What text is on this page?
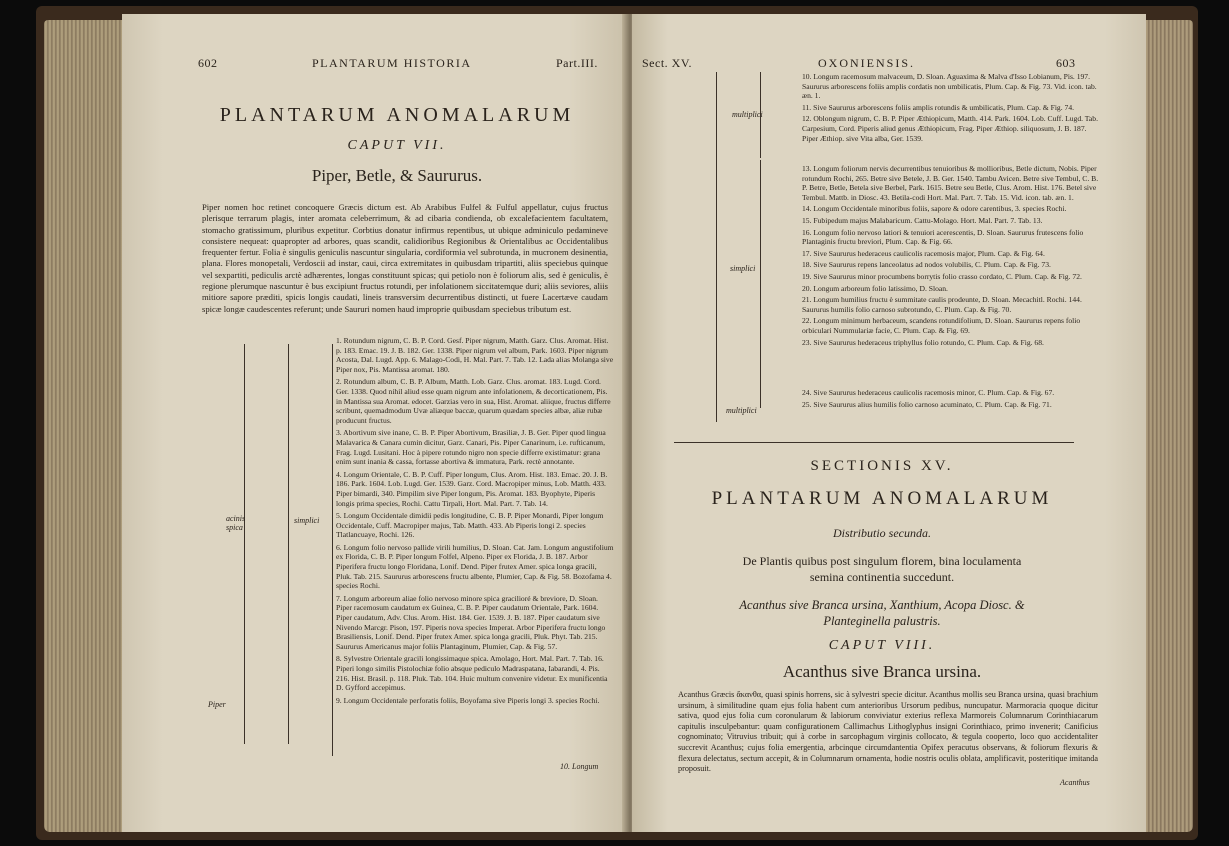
602	PLANTARUM HISTORIA	Part.III.
PLANTARUM ANOMALARUM
CAPUT VII.
Piper, Betle, & Saururus.
Piper nomen hoc retinet concoquere Græcis dictum est. Ab Arabibus Fulfel & Fulful appellatur, cujus fructus plerisque terrarum plagis, inter aromata celeberrimum, & ad cibaria condienda, ob excalefacientem facultatem, stomacho gratissimum, pluribus expetitur. Corbtius donatur infirmus repentibus, ut ubique adminiculo pedamineve consistere nequeat: quapropter ad arbores, quas scandit, calidioribus Regionibus & Orientalibus ac Occidentalibus frequenter fertur. Folia è singulis geniculis nascuntur singularia, cordiformia vel subrotunda, in mucronem desinentia, plana. Flores monopetali, Verdoscii ad instar, caui, circa extremitates in quibusdam tripartiti, aliis speciebus quinque vel sexpartiti, pediculis arctè adhærentes, longas constituunt spicas; qui petiolo non è foliorum alis, sed è geniculis, è regione plerumque nascuntur è bus excipiunt fructus rotundi, per infolationem siccitatemque duri; aliis seviores, aliis mitiore sapore præditi, spicis longis caudati, lineis transversim decurrentibus distincti, ut fuere Lacertæve caudam spicæ longæ caudescentes referunt; unde Saururi nomen haud improprie quibusdam speciebus tributum est.
acinis spica
simplici
Piper
1. Rotundum nigrum, C. B. P. Cord. Gesf. Piper nigrum, Matth. Garz. Clus. Aromat. Hist. p. 183. Emac. 19. J. B. 182. Ger. 1338. Piper nigrum vel album, Park. 1603. Piper nigrum Acosta, Dal. Lugd. App. 6. Malago-Codi, H. Mal. Part. 7. Tab. 12. Lada alias Molanga sive Piper nox, Pis. Mantissa aromat. 180.
2. Rotundum album, C. B. P. Album, Matth. Lob. Garz. Clus. aromat. 183. Lugd. Cord. Ger. 1338. Quod nihil aliud esse quam nigrum ante infolationem, & decorticationem, Pis. in Mantissa sua Aromat. edocet. Garzias vero in sua, Hist. Aromat. aliique, fructus differre scribunt, quemadmodum Uvæ aliæque baccæ, quarum quædam species albæ, aliæ rubæ producunt fructus.
3. Abortivum sive inane, C. B. P. Piper Abortivum, Brasiliæ, J. B. Ger. Piper quod lingua Malavarica & Canara cumin dicitur, Garz. Canari, Pis. Piper Canarinum, i.e. rufticanum, Frag. Lugd. Lusitani. Hoc à pipere rotundo nigro non specie differre existimatur: grana enim sunt inania & cassa, fortasse abortiva & immatura, Park. rectè annotante.
4. Longum Orientale, C. B. P. Cuff. Piper longum, Clus. Arom. Hist. 183. Emac. 20. J. B. 186. Park. 1604. Lob. Lugd. Ger. 1539. Garz. Cord. Macropiper minus, Lob. Matth. 433. Piper bimardi, 340. Pimpilim sive Piper longum, Pis. Aromat. 183. Byophyte, Piperis longis prima species, Rochi. Cattu Tirpali, Hort. Mal. Part. 7. Tab. 14.
5. Longum Occidentale dimidii pedis longitudine, C. B. P. Piper Monardi, Piper longum Occidentale, Cuff. Macropiper majus, Tab. Matth. 433. Ab Piperis longi 2. species Tlatlancuaye, Rochi. 126.
6. Longum folio nervoso pallide virili humilius, D. Sloan. Cat. Jam. Longum angustifolium ex Florida, C. B. P. Piper longum Folfel, Alpeno. Piper ex Florida, J. B. 187. Arbor Piperifera fructu longo Floridana, Lonif. Dend. Piper frutex Amer. spica longa gracili, Pluk. Tab. 215. Saururus arborescens fructu albente, Plumier, Cap. & Fig. 58. Bozofama 4. species Rochi.
7. Longum arboreum aliae folio nervoso minore spica gracilioré & breviore, D. Sloan. Piper racemosum caudatum ex Guinea, C. B. P. Piper caudatum Orientale, Park. 1604. Piper caudatum, Adv. Clus. Arom. Hist. 184. Ger. 1539. J. B. 187. Piper caudatum sive Nivendo Marcgr. Pison, 197. Piperis nova species Imperat. Arbor Piperifera fructu longo Brasiliensis, Lonif. Dend. Piper frutex Amer. spica longa gracili, Pluk. Phyt. Tab. 215. Saururus Americanus major foliis Plantaginum, Plumier, Cap. & Fig. 57.
8. Sylvestre Orientale gracili longissimaque spica. Amolago, Hort. Mal. Part. 7. Tab. 16. Piperi longo similis Pistolochiæ folio absque pediculo Madraspatana, Iabarandi, 4. Pis. 216. Hist. Brasil. p. 118. Pluk. Tab. 104. Huic multum convenire videtur. Ex munificentia D. Gyfford accepimus.
9. Longum Occidentale perforatis foliis, Boyofama sive Piperis longi 3. species Rochi.
10. Longum
Sect. XV.	OXONIENSIS.	603
multiplici
simplici
multiplici
10. Longum racemosum malvaceum, D. Sloan. Aguaxima & Malva d'Isso Lobianum, Pis. 197. Saururus arborescens foliis amplis cordatis non umbilicatis, Plum. Cap. & Fig. 73. Vid. icon. tab. æn. 1.
11. Sive Saururus arborescens foliis amplis rotundis & umbilicatis, Plum. Cap. & Fig. 74.
12. Oblongum nigrum, C. B. P. Piper Æthiopicum, Matth. 414. Park. 1604. Lob. Cuff. Lugd. Tab. Carpesium, Cord. Piperis aliud genus Æthiopicum, Frag. Piper Æthiop. siliquosum, J. B. 187. Piper Æthiop. sive Vita alba, Ger. 1539.
13. Longum foliorum nervis decurrentibus tenuioribus & mollioribus, Betle dictum, Nobis. Piper rotundum Rochi, 265. Betre sive Betele, J. B. Ger. 1540. Tambu Avicen. Betre sive Tembul, C. B. P. Betre, Betle, Betela sive Berbel, Park. 1615. Betre seu Betle, Clus. Arom. Hist. 176. Betel sive Tembul. Mattb. in Diosc. 43. Betila-codi Hort. Mal. Part. 7. Tab. 15. Vid. icon. tab. æn. 1.
14. Longum Occidentale minoribus foliis, sapore & odore carentibus, 3. species Rochi.
15. Fubipedum majus Malabaricum. Cattu-Molago. Hort. Mal. Part. 7. Tab. 13.
16. Longum folio nervoso latiori & tenuiori acerescentis, D. Sloan. Saururus frutescens folio Plantaginis fructu breviori, Plum. Cap. & Fig. 66.
17. Sive Saururus hederaceus caulicolis racemosis major, Plum. Cap. & Fig. 64.
18. Sive Saururus repens lanceolatus ad nodos volubilis, C. Plum. Cap. & Fig. 73.
19. Sive Saururus minor procumbens borrytis folio crasso cordato, C. Plum. Cap. & Fig. 72.
20. Longum arboreum folio latissimo, D. Sloan.
21. Longum humilius fructu è summitate caulis prodeunte, D. Sloan. Mecachitl. Rochi. 144. Saururus humilis folio carnoso subrotundo, C. Plum. Cap. & Fig. 70.
22. Longum minimum herbaceum, scandens rotundifolium, D. Sloan. Saururus repens folio orbiculari Nummulariæ facie, C. Plum. Cap. & Fig. 69.
23. Sive Saururus hederaceus triphyllus folio rotundo, C. Plum. Cap. & Fig. 68.
24. Sive Saururus hederaceus caulicolis racemosis minor, C. Plum. Cap. & Fig. 67.
25. Sive Saururus alius humilis folio carnoso acuminato, C. Plum. Cap. & Fig. 71.
SECTIONIS XV.
PLANTARUM ANOMALARUM
Distributio secunda.
De Plantis quibus post singulum florem, bina loculamenta
semina continentia succedunt.
Acanthus sive Branca ursina, Xanthium, Acopa Diosc. &
Planteginella palustris.
CAPUT VIII.
Acanthus sive Branca ursina.
Acanthus Græcis ἄκανθα, quasi spinis horrens, sic à sylvestri specie dicitur. Acanthus mollis seu Branca ursina, quasi brachium ursinum, à similitudine quam ejus folia habent cum anterioribus Ursorum pedibus, nuncupatur. Marmoracia quoque dicitur sativa, quod ejus folia cum coronularum & labiorum conviviatur exterius reflexa Marmoreis Columnarum Corinthiacarum capitulis insculpebantur: quam configurationem Callimachus Lithoglyphus insigni Corinthiaco, primo invenerit; Canificius cognominato; Vitruvius tribuit; qui à corbe in sarcophagum virginis collocato, & tegula cooperto, loco quo accidentaliter succrevit Acanthus; cujus folia emergentia, arbcinque circumdantentia Opifex peracutus observans, & foliorum flexuris & flexura delectatus, sectum accepit, & in Columnarum ornamenta, hodie nostris oculis oblata, amplificavit, posteritique imitanda proposuit.
Acanthus
